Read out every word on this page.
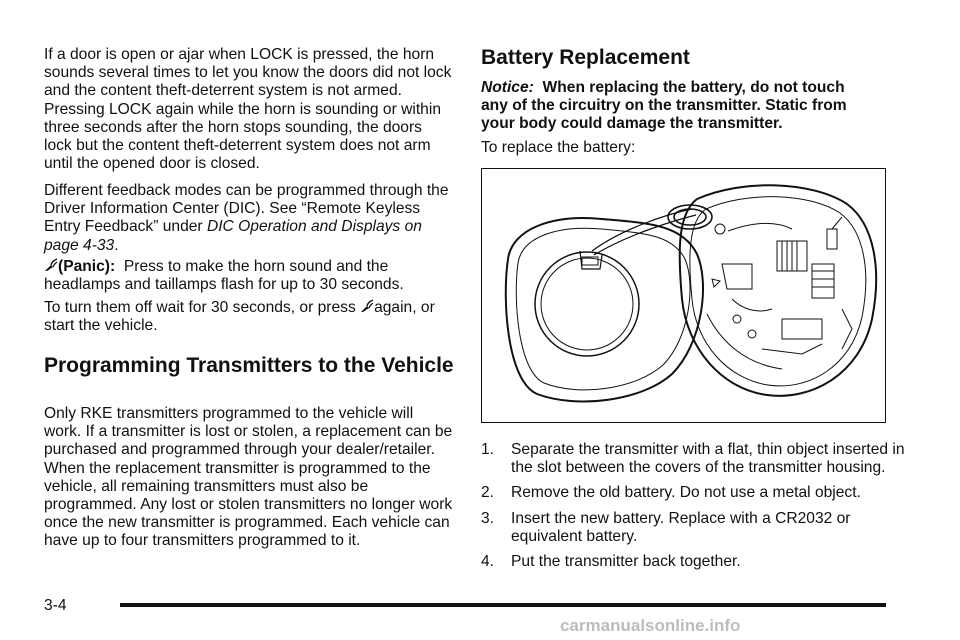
If a door is open or ajar when LOCK is pressed, the horn sounds several times to let you know the doors did not lock and the content theft-deterrent system is not armed. Pressing LOCK again while the horn is sounding or within three seconds after the horn stops sounding, the doors lock but the content theft-deterrent system does not arm until the opened door is closed.

Different feedback modes can be programmed through the Driver Information Center (DIC). See “Remote Keyless Entry Feedback” under DIC Operation and Displays on page 4-33.

(Panic): Press to make the horn sound and the headlamps and taillamps flash for up to 30 seconds.

To turn them off wait for 30 seconds, or press again, or start the vehicle.

Programming Transmitters to the Vehicle

Only RKE transmitters programmed to the vehicle will work. If a transmitter is lost or stolen, a replacement can be purchased and programmed through your dealer/retailer. When the replacement transmitter is programmed to the vehicle, all remaining transmitters must also be programmed. Any lost or stolen transmitters no longer work once the new transmitter is programmed. Each vehicle can have up to four transmitters programmed to it.

Battery Replacement

Notice: When replacing the battery, do not touch any of the circuitry on the transmitter. Static from your body could damage the transmitter.

To replace the battery:

1.	Separate the transmitter with a flat, thin object inserted in the slot between the covers of the transmitter housing.
2.	Remove the old battery. Do not use a metal object.
3.	Insert the new battery. Replace with a CR2032 or equivalent battery.
4.	Put the transmitter back together.
3-4
carmanualsonline.info
